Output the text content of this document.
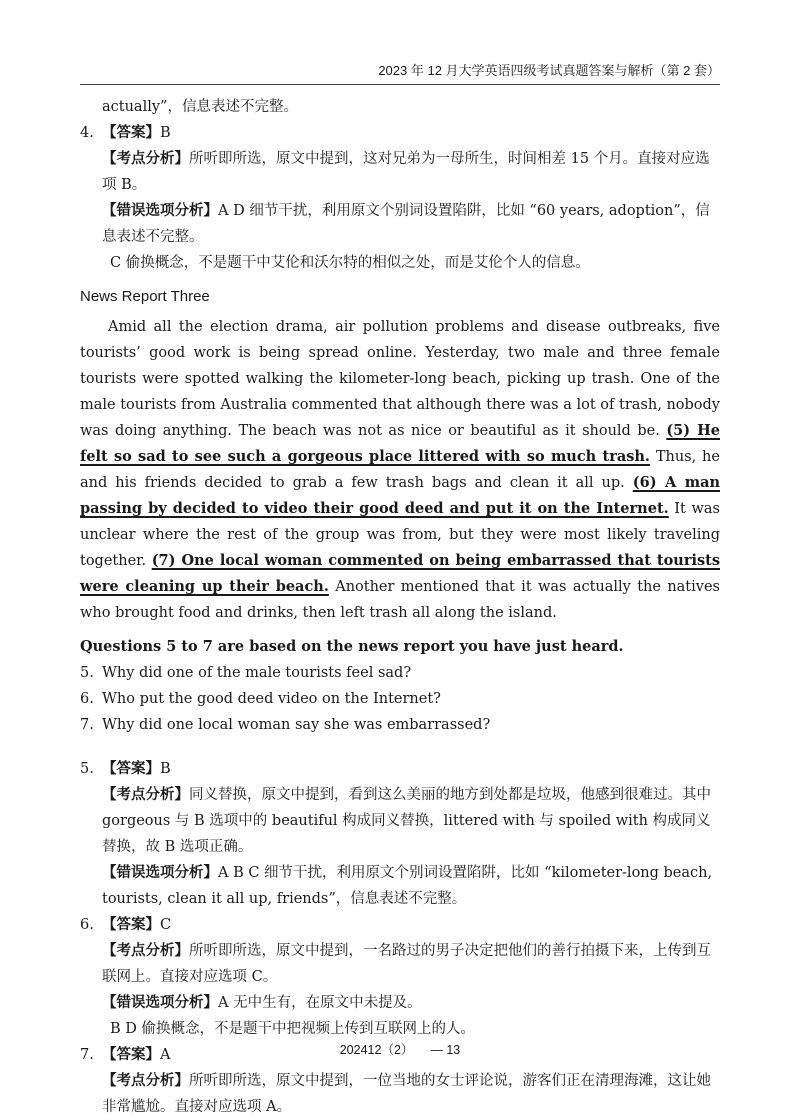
2023 年 12 月大学英语四级考试真题答案与解析（第 2 套）

actually”，信息表述不完整。

4. 【答案】B

【考点分析】所听即所选，原文中提到，这对兄弟为一母所生，时间相差 15 个月。直接对应选项 B。

【错误选项分析】A D 细节干扰，利用原文个别词设置陷阱，比如 “60 years, adoption”，信息表述不完整。

C 偷换概念，不是题干中艾伦和沃尔特的相似之处，而是艾伦个人的信息。

News Report Three

Amid all the election drama, air pollution problems and disease outbreaks, five tourists’ good work is being spread online. Yesterday, two male and three female tourists were spotted walking the kilometer-long beach, picking up trash. One of the male tourists from Australia commented that although there was a lot of trash, nobody was doing anything. The beach was not as nice or beautiful as it should be. (5) He felt so sad to see such a gorgeous place littered with so much trash. Thus, he and his friends decided to grab a few trash bags and clean it all up. (6) A man passing by decided to video their good deed and put it on the Internet. It was unclear where the rest of the group was from, but they were most likely traveling together. (7) One local woman commented on being embarrassed that tourists were cleaning up their beach. Another mentioned that it was actually the natives who brought food and drinks, then left trash all along the island.

Questions 5 to 7 are based on the news report you have just heard.

5. Why did one of the male tourists feel sad?

6. Who put the good deed video on the Internet?

7. Why did one local woman say she was embarrassed?

5. 【答案】B

【考点分析】同义替换，原文中提到，看到这么美丽的地方到处都是垃圾，他感到很难过。其中 gorgeous 与 B 选项中的 beautiful 构成同义替换，littered with 与 spoiled with 构成同义替换，故 B 选项正确。

【错误选项分析】A B C 细节干扰，利用原文个别词设置陷阱，比如 “kilometer-long beach, tourists, clean it all up, friends”，信息表述不完整。

6. 【答案】C

【考点分析】所听即所选，原文中提到，一名路过的男子决定把他们的善行拍摄下来，上传到互联网上。直接对应选项 C。

【错误选项分析】A 无中生有，在原文中未提及。

B D 偷换概念，不是题干中把视频上传到互联网上的人。

7. 【答案】A

【考点分析】所听即所选，原文中提到，一位当地的女士评论说，游客们正在清理海滩，这让她非常尴尬。直接对应选项 A。

202412（2） — 13
